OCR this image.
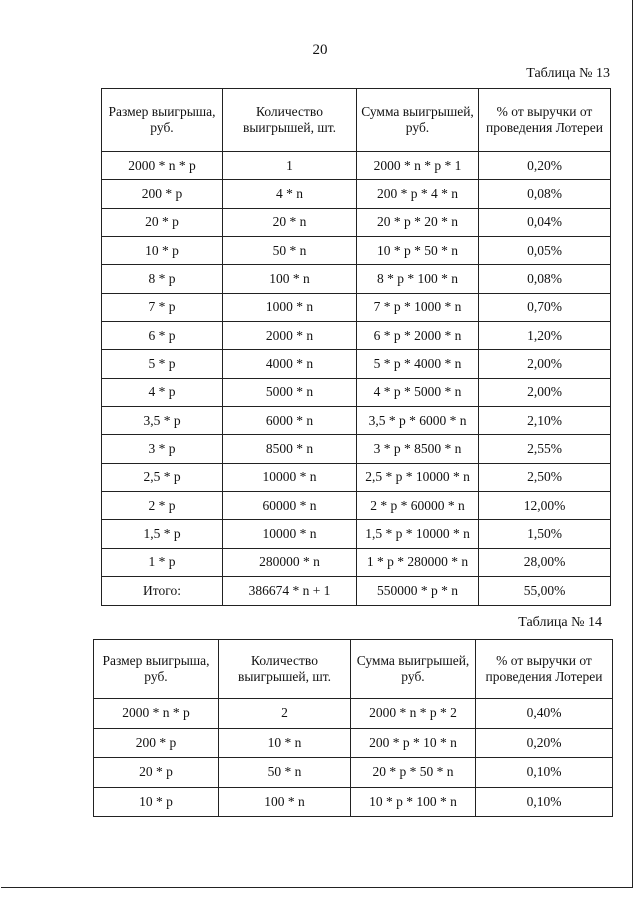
20
Таблица № 13
Размер выигрыша, руб.	Количество выигрышей, шт.	Сумма выигрышей, руб.	% от выручки от проведения Лотереи
2000 * n * p	1	2000 * n * p * 1	0,20%
200 * p	4 * n	200 * p * 4 * n	0,08%
20 * p	20 * n	20 * p * 20 * n	0,04%
10 * p	50 * n	10 * p * 50 * n	0,05%
8 * p	100 * n	8 * p * 100 * n	0,08%
7 * p	1000 * n	7 * p * 1000 * n	0,70%
6 * p	2000 * n	6 * p * 2000 * n	1,20%
5 * p	4000 * n	5 * p * 4000 * n	2,00%
4 * p	5000 * n	4 * p * 5000 * n	2,00%
3,5 * p	6000 * n	3,5 * p * 6000 * n	2,10%
3 * p	8500 * n	3 * p * 8500 * n	2,55%
2,5 * p	10000 * n	2,5 * p * 10000 * n	2,50%
2 * p	60000 * n	2 * p * 60000 * n	12,00%
1,5 * p	10000 * n	1,5 * p * 10000 * n	1,50%
1 * p	280000 * n	1 * p * 280000 * n	28,00%
Итого:	386674 * n + 1	550000 * p * n	55,00%
Таблица № 14
Размер выигрыша, руб.	Количество выигрышей, шт.	Сумма выигрышей, руб.	% от выручки от проведения Лотереи
2000 * n * p	2	2000 * n * p * 2	0,40%
200 * p	10 * n	200 * p * 10 * n	0,20%
20 * p	50 * n	20 * p * 50 * n	0,10%
10 * p	100 * n	10 * p * 100 * n	0,10%
